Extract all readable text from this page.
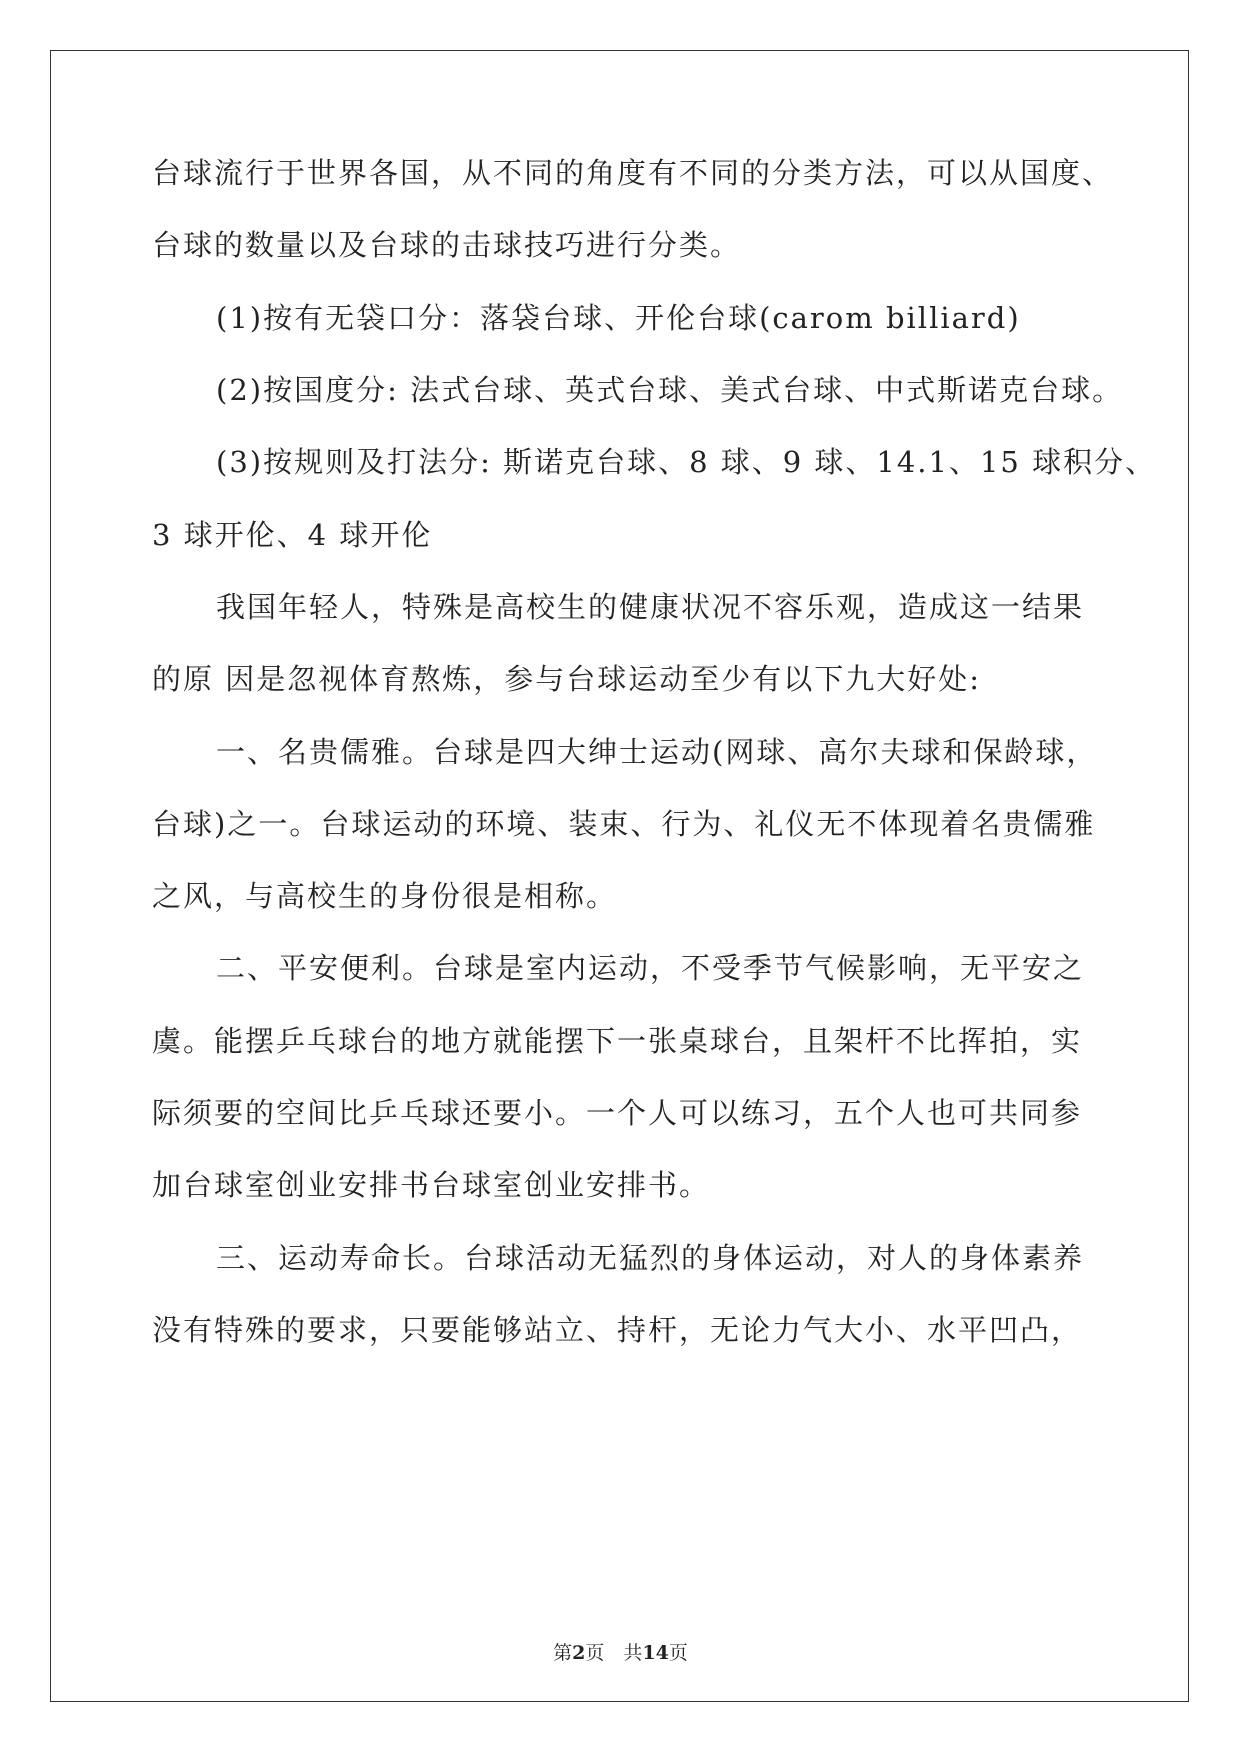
台球流行于世界各国，从不同的角度有不同的分类方法，可以从国度、
台球的数量以及台球的击球技巧进行分类。
(1)按有无袋口分：落袋台球、开伦台球(carom billiard)
(2)按国度分: 法式台球、英式台球、美式台球、中式斯诺克台球。
(3)按规则及打法分: 斯诺克台球、8 球、9 球、14.1、15 球积分、
3 球开伦、4 球开伦
我国年轻人，特殊是高校生的健康状况不容乐观，造成这一结果
的原 因是忽视体育熬炼，参与台球运动至少有以下九大好处:
一、名贵儒雅。台球是四大绅士运动(网球、高尔夫球和保龄球，
台球)之一。台球运动的环境、装束、行为、礼仪无不体现着名贵儒雅
之风，与高校生的身份很是相称。
二、平安便利。台球是室内运动，不受季节气候影响，无平安之
虞。能摆乒乓球台的地方就能摆下一张桌球台，且架杆不比挥拍，实
际须要的空间比乒乓球还要小。一个人可以练习，五个人也可共同参
加台球室创业安排书台球室创业安排书。
三、运动寿命长。台球活动无猛烈的身体运动，对人的身体素养
没有特殊的要求，只要能够站立、持杆，无论力气大小、水平凹凸，
第2页　共14页
